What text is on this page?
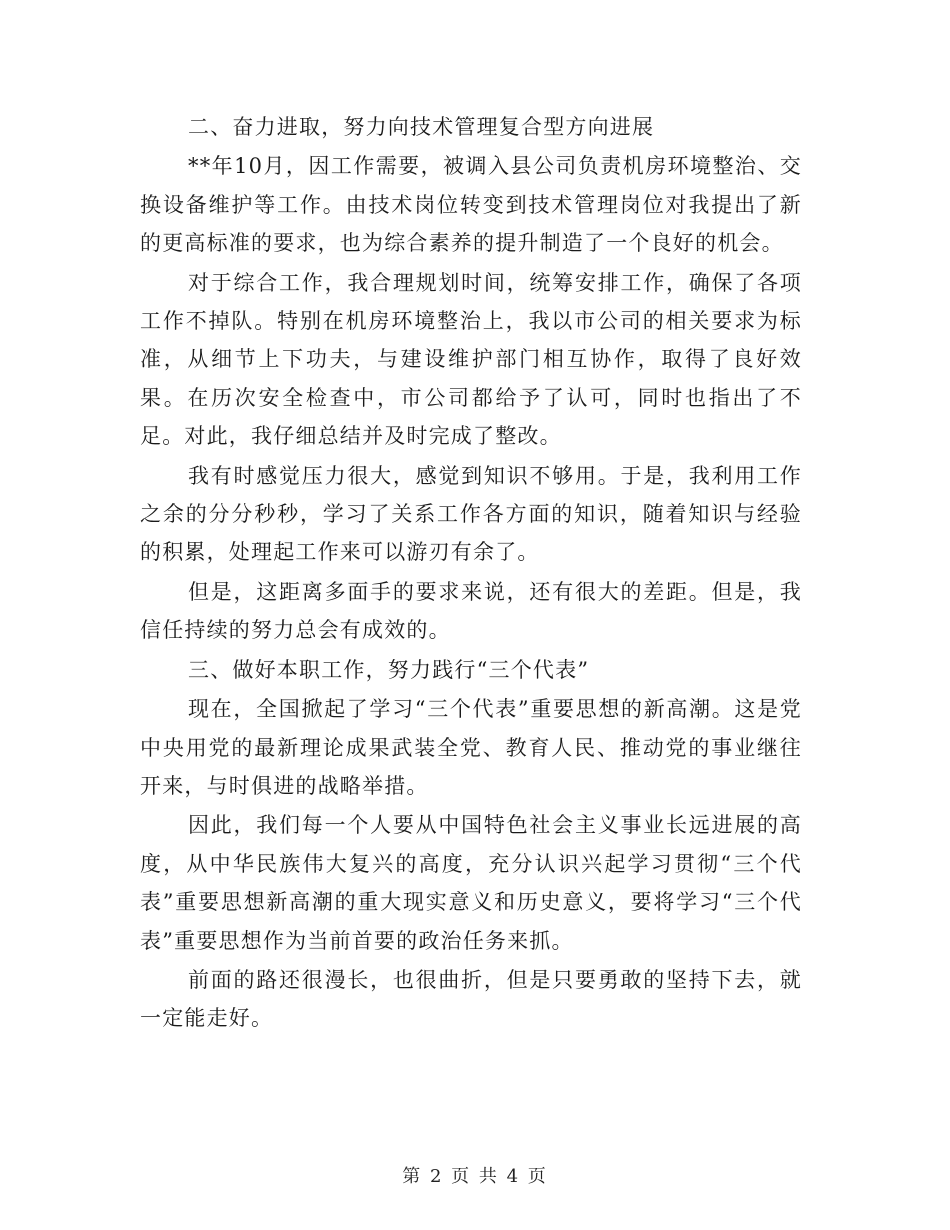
二、奋力进取，努力向技术管理复合型方向进展

**年10月，因工作需要，被调入县公司负责机房环境整治、交换设备维护等工作。由技术岗位转变到技术管理岗位对我提出了新的更高标准的要求，也为综合素养的提升制造了一个良好的机会。

对于综合工作，我合理规划时间，统筹安排工作，确保了各项工作不掉队。特别在机房环境整治上，我以市公司的相关要求为标准，从细节上下功夫，与建设维护部门相互协作，取得了良好效果。在历次安全检查中，市公司都给予了认可，同时也指出了不足。对此，我仔细总结并及时完成了整改。

我有时感觉压力很大，感觉到知识不够用。于是，我利用工作之余的分分秒秒，学习了关系工作各方面的知识，随着知识与经验的积累，处理起工作来可以游刃有余了。

但是，这距离多面手的要求来说，还有很大的差距。但是，我信任持续的努力总会有成效的。

三、做好本职工作，努力践行“三个代表”

现在，全国掀起了学习“三个代表”重要思想的新高潮。这是党中央用党的最新理论成果武装全党、教育人民、推动党的事业继往开来，与时俱进的战略举措。

因此，我们每一个人要从中国特色社会主义事业长远进展的高度，从中华民族伟大复兴的高度，充分认识兴起学习贯彻“三个代表”重要思想新高潮的重大现实意义和历史意义，要将学习“三个代表”重要思想作为当前首要的政治任务来抓。

前面的路还很漫长，也很曲折，但是只要勇敢的坚持下去，就一定能走好。

第 2 页 共 4 页
